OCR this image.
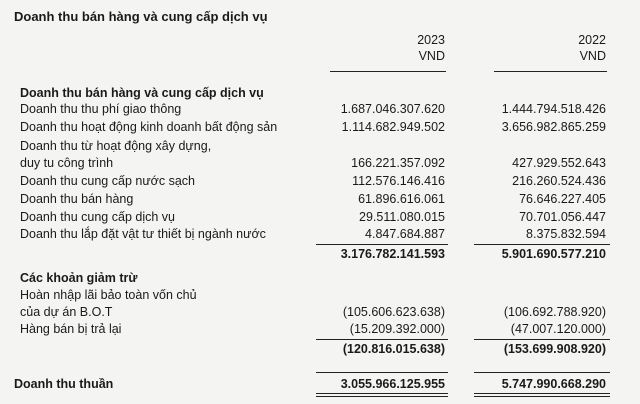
Doanh thu bán hàng và cung cấp dịch vụ
2023
VND
2022
VND
Doanh thu bán hàng và cung cấp dịch vụ
Doanh thu thu phí giao thông	1.687.046.307.620	1.444.794.518.426
Doanh thu hoạt động kinh doanh bất động sản	1.114.682.949.502	3.656.982.865.259
Doanh thu từ hoạt động xây dựng,
duy tu công trình	166.221.357.092	427.929.552.643
Doanh thu cung cấp nước sạch	112.576.146.416	216.260.524.436
Doanh thu bán hàng	61.896.616.061	76.646.227.405
Doanh thu cung cấp dịch vụ	29.511.080.015	70.701.056.447
Doanh thu lắp đặt vật tư thiết bị ngành nước	4.847.684.887	8.375.832.594
3.176.782.141.593	5.901.690.577.210
Các khoản giảm trừ
Hoàn nhập lãi bảo toàn vốn chủ
của dự án B.O.T	(105.606.623.638)	(106.692.788.920)
Hàng bán bị trả lại	(15.209.392.000)	(47.007.120.000)
(120.816.015.638)	(153.699.908.920)
Doanh thu thuần	3.055.966.125.955	5.747.990.668.290
